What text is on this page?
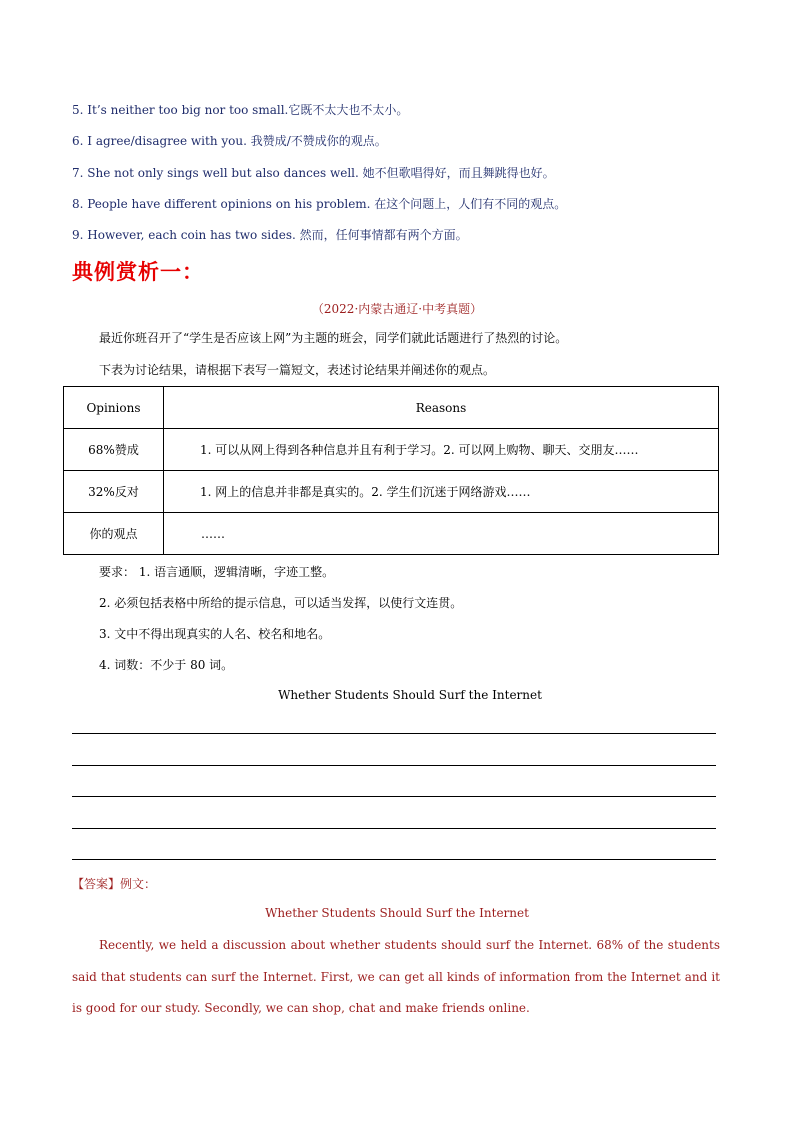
5. It’s neither too big nor too small.它既不太大也不太小。
6. I agree/disagree with you. 我赞成/不赞成你的观点。
7. She not only sings well but also dances well. 她不但歌唱得好，而且舞跳得也好。
8. People have different opinions on his problem. 在这个问题上，人们有不同的观点。
9. However, each coin has two sides. 然而，任何事情都有两个方面。
典例赏析一：
（2022·内蒙古通辽·中考真题）
最近你班召开了“学生是否应该上网”为主题的班会，同学们就此话题进行了热烈的讨论。
下表为讨论结果，请根据下表写一篇短文，表述讨论结果并阐述你的观点。
Opinions	Reasons
68%赞成	1. 可以从网上得到各种信息并且有利于学习。2. 可以网上购物、聊天、交朋友……
32%反对	1. 网上的信息并非都是真实的。2. 学生们沉迷于网络游戏……
你的观点	……
要求： 1. 语言通顺，逻辑清晰，字迹工整。
2. 必须包括表格中所给的提示信息，可以适当发挥，以使行文连贯。
3. 文中不得出现真实的人名、校名和地名。
4. 词数：不少于 80 词。
Whether Students Should Surf the Internet
【答案】例文：
Whether Students Should Surf the Internet
Recently, we held a discussion about whether students should surf the Internet. 68% of the students said that students can surf the Internet. First, we can get all kinds of information from the Internet and it is good for our study. Secondly, we can shop, chat and make friends online.
